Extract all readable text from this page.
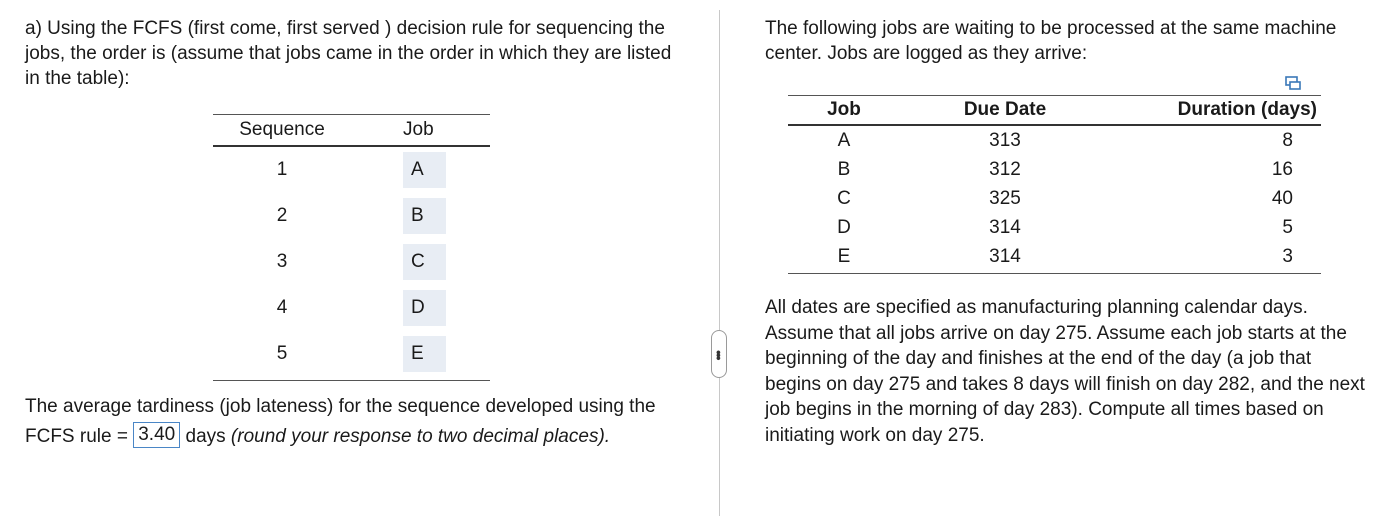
a) Using the FCFS (first come, first served ) decision rule for sequencing the jobs, the order is (assume that jobs came in the order in which they are listed in the table):

Sequence	Job
1	A
2	B
3	C
4	D
5	E
The average tardiness (job lateness) for the sequence developed using the FCFS rule = 3.40 days (round your response to two decimal places).
•••

The following jobs are waiting to be processed at the same machine center. Jobs are logged as they arrive:

Job	Due Date	Duration (days)
A	313	8
B	312	16
C	325	40
D	314	5
E	314	3

All dates are specified as manufacturing planning calendar days. Assume that all jobs arrive on day 275. Assume each job starts at the beginning of the day and finishes at the end of the day (a job that begins on day 275 and takes 8 days will finish on day 282, and the next job begins in the morning of day 283). Compute all times based on initiating work on day 275.
